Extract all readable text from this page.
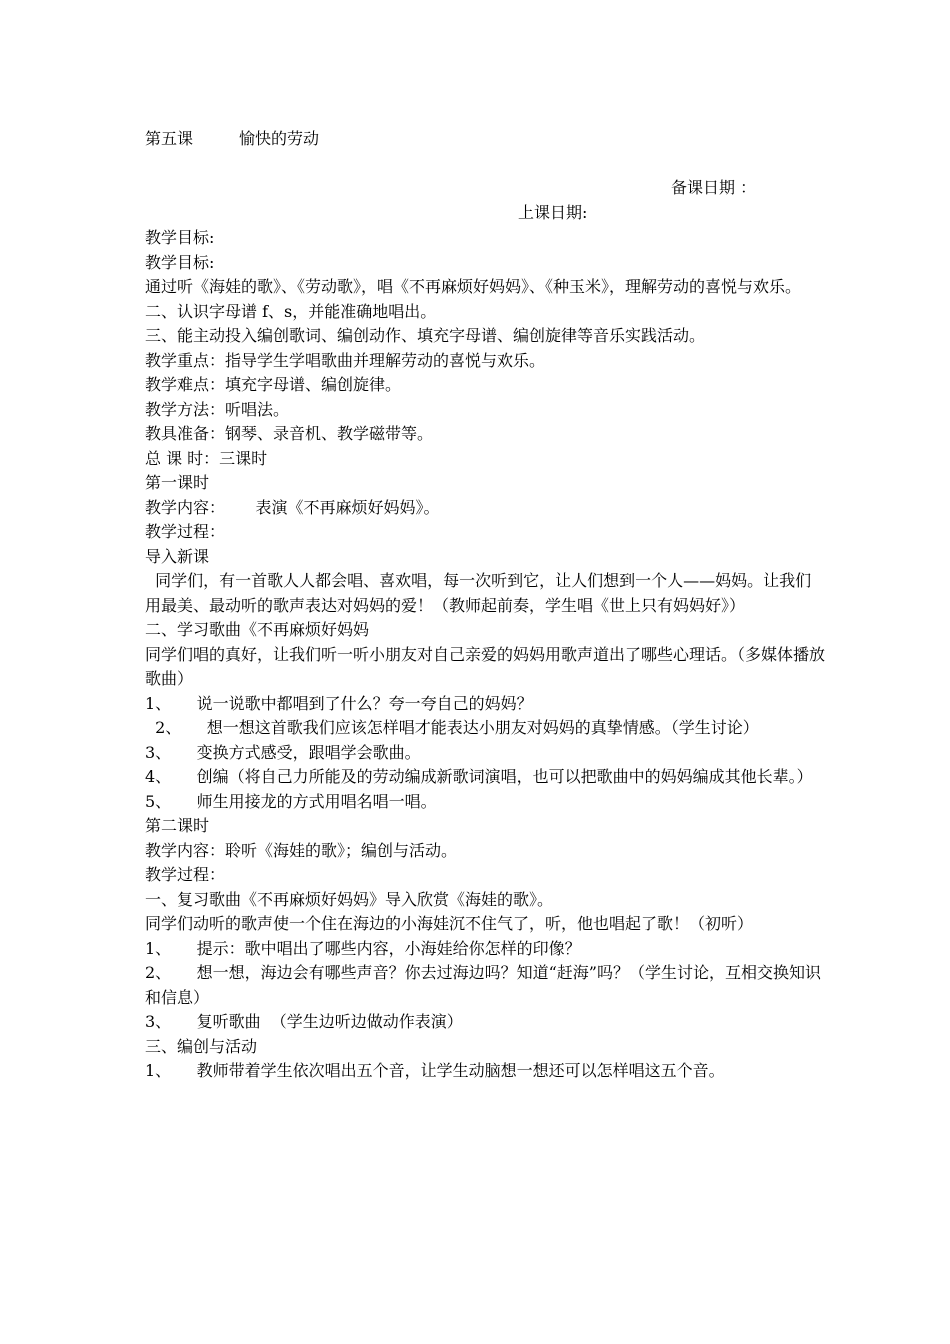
第五课	愉快的劳动
备课日期 ：
上课日期:

教学目标:

教学目标:

通过听《海娃的歌》、《劳动歌》，唱《不再麻烦好妈妈》、《种玉米》，理解劳动的喜悦与欢乐。

二、认识字母谱 f、s，并能准确地唱出。

三、能主动投入编创歌词、编创动作、填充字母谱、编创旋律等音乐实践活动。

教学重点：指导学生学唱歌曲并理解劳动的喜悦与欢乐。

教学难点：填充字母谱、编创旋律。

教学方法：听唱法。

教具准备：钢琴、录音机、教学磁带等。

总 课 时：三课时

第一课时

教学内容：      表演《不再麻烦好妈妈》。

教学过程：

导入新课

同学们，有一首歌人人都会唱、喜欢唱，每一次听到它，让人们想到一个人——妈妈。让我们用最美、最动听的歌声表达对妈妈的爱！（教师起前奏，学生唱《世上只有妈妈好》）

二、学习歌曲《不再麻烦好妈妈

同学们唱的真好，让我们听一听小朋友对自己亲爱的妈妈用歌声道出了哪些心理话。（多媒体播放歌曲）

1、     说一说歌中都唱到了什么？夸一夸自己的妈妈？

2、     想一想这首歌我们应该怎样唱才能表达小朋友对妈妈的真挚情感。（学生讨论）

3、     变换方式感受，跟唱学会歌曲。

4、     创编（将自己力所能及的劳动编成新歌词演唱，也可以把歌曲中的妈妈编成其他长辈。）

5、     师生用接龙的方式用唱名唱一唱。

第二课时

教学内容：聆听《海娃的歌》；编创与活动。

教学过程：

一、复习歌曲《不再麻烦好妈妈》导入欣赏《海娃的歌》。

同学们动听的歌声使一个住在海边的小海娃沉不住气了，听，他也唱起了歌！（初听）

1、     提示：歌中唱出了哪些内容，小海娃给你怎样的印像？

2、     想一想，海边会有哪些声音？你去过海边吗？知道“赶海”吗？（学生讨论，互相交换知识和信息）

3、     复听歌曲  （学生边听边做动作表演）

三、编创与活动

1、     教师带着学生依次唱出五个音，让学生动脑想一想还可以怎样唱这五个音。
